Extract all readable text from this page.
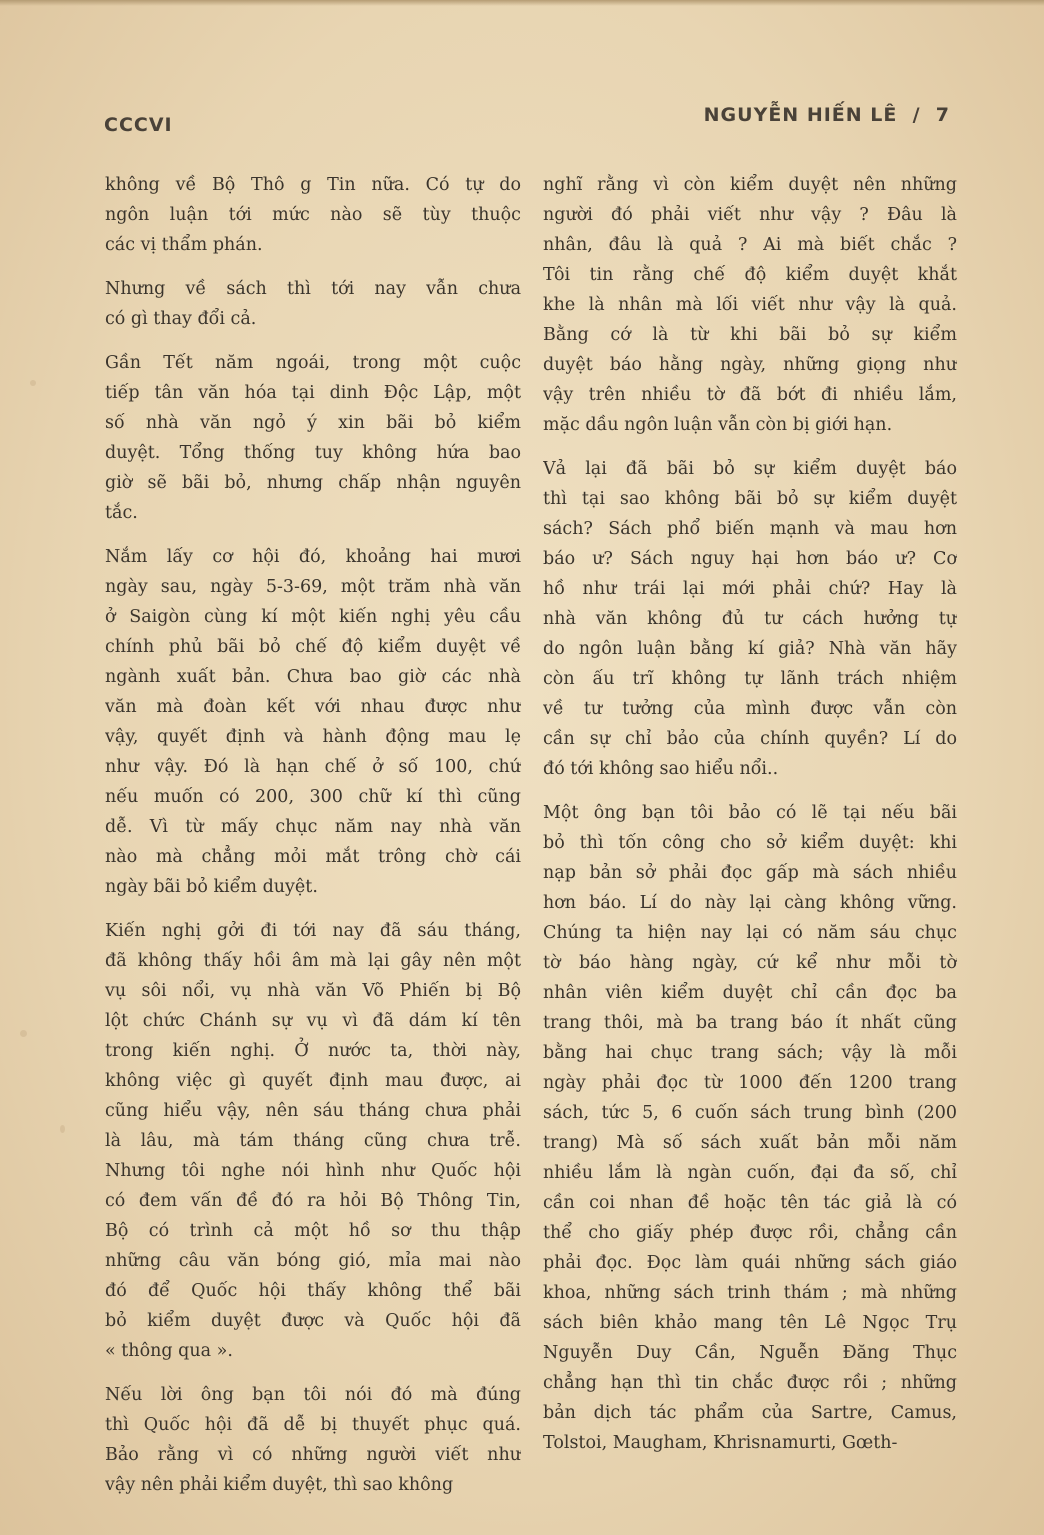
CCCVI	NGUYỄN HIẾN LÊ  /  7
không về Bộ Thô g Tin nữa. Có tự do
ngôn luận tới mức nào sẽ tùy thuộc
các vị thẩm phán.
Nhưng về sách thì tới nay vẫn chưa
có gì thay đổi cả.
Gần Tết năm ngoái, trong một cuộc
tiếp tân văn hóa tại dinh Độc Lập, một
số nhà văn ngỏ ý xin bãi bỏ kiểm
duyệt. Tổng thống tuy không hứa bao
giờ sẽ bãi bỏ, nhưng chấp nhận nguyên
tắc.
Nắm lấy cơ hội đó, khoảng hai mươi
ngày sau, ngày 5-3-69, một trăm nhà văn
ở Saigòn cùng kí một kiến nghị yêu cầu
chính phủ bãi bỏ chế độ kiểm duyệt về
ngành xuất bản. Chưa bao giờ các nhà
văn mà đoàn kết với nhau được như
vậy, quyết định và hành động mau lẹ
như vậy. Đó là hạn chế ở số 100, chứ
nếu muốn có 200, 300 chữ kí thì cũng
dễ. Vì từ mấy chục năm nay nhà văn
nào mà chẳng mỏi mắt trông chờ cái
ngày bãi bỏ kiểm duyệt.
Kiến nghị gởi đi tới nay đã sáu tháng,
đã không thấy hồi âm mà lại gây nên một
vụ sôi nổi, vụ nhà văn Võ Phiến bị Bộ
lột chức Chánh sự vụ vì đã dám kí tên
trong kiến nghị. Ở nước ta, thời này,
không việc gì quyết định mau được, ai
cũng hiểu vậy, nên sáu tháng chưa phải
là lâu, mà tám tháng cũng chưa trễ.
Nhưng tôi nghe nói hình như Quốc hội
có đem vấn đề đó ra hỏi Bộ Thông Tin,
Bộ có trình cả một hồ sơ thu thập
những câu văn bóng gió, mỉa mai nào
đó để Quốc hội thấy không thể bãi
bỏ kiểm duyệt được và Quốc hội đã
« thông qua ».
Nếu lời ông bạn tôi nói đó mà đúng
thì Quốc hội đã dễ bị thuyết phục quá.
Bảo rằng vì có những người viết như
vậy nên phải kiểm duyệt, thì sao không
nghĩ rằng vì còn kiểm duyệt nên những
người đó phải viết như vậy ? Đâu là
nhân, đâu là quả ? Ai mà biết chắc ?
Tôi tin rằng chế độ kiểm duyệt khắt
khe là nhân mà lối viết như vậy là quả.
Bằng cớ là từ khi bãi bỏ sự kiểm
duyệt báo hằng ngày, những giọng như
vậy trên nhiều tờ đã bớt đi nhiều lắm,
mặc dầu ngôn luận vẫn còn bị giới hạn.
Vả lại đã bãi bỏ sự kiểm duyệt báo
thì tại sao không bãi bỏ sự kiểm duyệt
sách? Sách phổ biến mạnh và mau hơn
báo ư? Sách nguy hại hơn báo ư? Cơ
hồ như trái lại mới phải chứ? Hay là
nhà văn không đủ tư cách hưởng tự
do ngôn luận bằng kí giả? Nhà văn hãy
còn ấu trĩ không tự lãnh trách nhiệm
về tư tưởng của mình được vẫn còn
cần sự chỉ bảo của chính quyền? Lí do
đó tới không sao hiểu nổi..
Một ông bạn tôi bảo có lẽ tại nếu bãi
bỏ thì tốn công cho sở kiểm duyệt: khi
nạp bản sở phải đọc gấp mà sách nhiều
hơn báo. Lí do này lại càng không vững.
Chúng ta hiện nay lại có năm sáu chục
tờ báo hàng ngày, cứ kể như mỗi tờ
nhân viên kiểm duyệt chỉ cần đọc ba
trang thôi, mà ba trang báo ít nhất cũng
bằng hai chục trang sách; vậy là mỗi
ngày phải đọc từ 1000 đến 1200 trang
sách, tức 5, 6 cuốn sách trung bình (200
trang) Mà số sách xuất bản mỗi năm
nhiều lắm là ngàn cuốn, đại đa số, chỉ
cần coi nhan đề hoặc tên tác giả là có
thể cho giấy phép được rồi, chẳng cần
phải đọc. Đọc làm quái những sách giáo
khoa, những sách trinh thám ; mà những
sách biên khảo mang tên Lê Ngọc Trụ
Nguyễn Duy Cần, Nguễn Đăng Thục
chẳng hạn thì tin chắc được rồi ; những
bản dịch tác phẩm của Sartre, Camus,
Tolstoi, Maugham, Khrisnamurti, Gœth-
